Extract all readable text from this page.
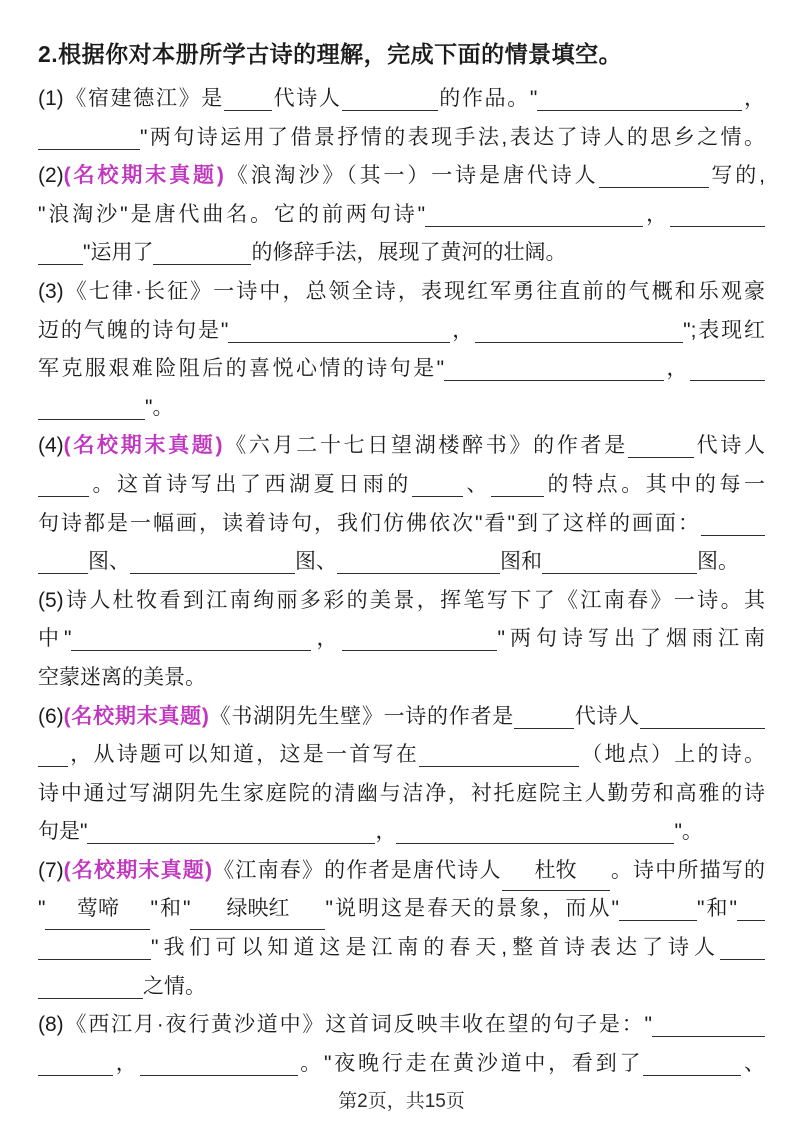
2.根据你对本册所学古诗的理解，完成下面的情景填空。
(1)《宿建德江》是 代诗人	的作品。"	，
"两句诗运用了借景抒情的表现手法,表达了诗人的思乡之情。
(2)(名校期末真题)《浪淘沙》（其一）一诗是唐代诗人	写的,
"浪淘沙"是唐代曲名。它的前两句诗"	，
"运用了	的修辞手法，展现了黄河的壮阔。
(3)《七律·长征》一诗中，总领全诗，表现红军勇往直前的气概和乐观豪
迈的气魄的诗句是"	，	";表现红
军克服艰难险阻后的喜悦心情的诗句是"	，
"。
(4)(名校期末真题)《六月二十七日望湖楼醉书》的作者是	代诗人
。这首诗写出了西湖夏日雨的 、	的特点。其中的每一
句诗都是一幅画，读着诗句，我们仿佛依次"看"到了这样的画面：
图、	图、	图和	图。
(5)诗人杜牧看到江南绚丽多彩的美景，挥笔写下了《江南春》一诗。其
中"	，	"两句诗写出了烟雨江南
空蒙迷离的美景。
(6)(名校期末真题)《书湖阴先生壁》一诗的作者是	代诗人
，从诗题可以知道，这是一首写在	（地点）上的诗。
诗中通过写湖阴先生家庭院的清幽与洁净，衬托庭院主人勤劳和高雅的诗
句是"	，	"。
(7)(名校期末真题)《江南春》的作者是唐代诗人 杜牧 。诗中所描写的
" 莺啼 "和" 绿映红 "说明这是春天的景象，而从"	"和"
"我们可以知道这是江南的春天,整首诗表达了诗人
之情。
(8)《西江月·夜行黄沙道中》这首词反映丰收在望的句子是："
，	。"夜晚行走在黄沙道中，看到了	、
第2页，共15页
